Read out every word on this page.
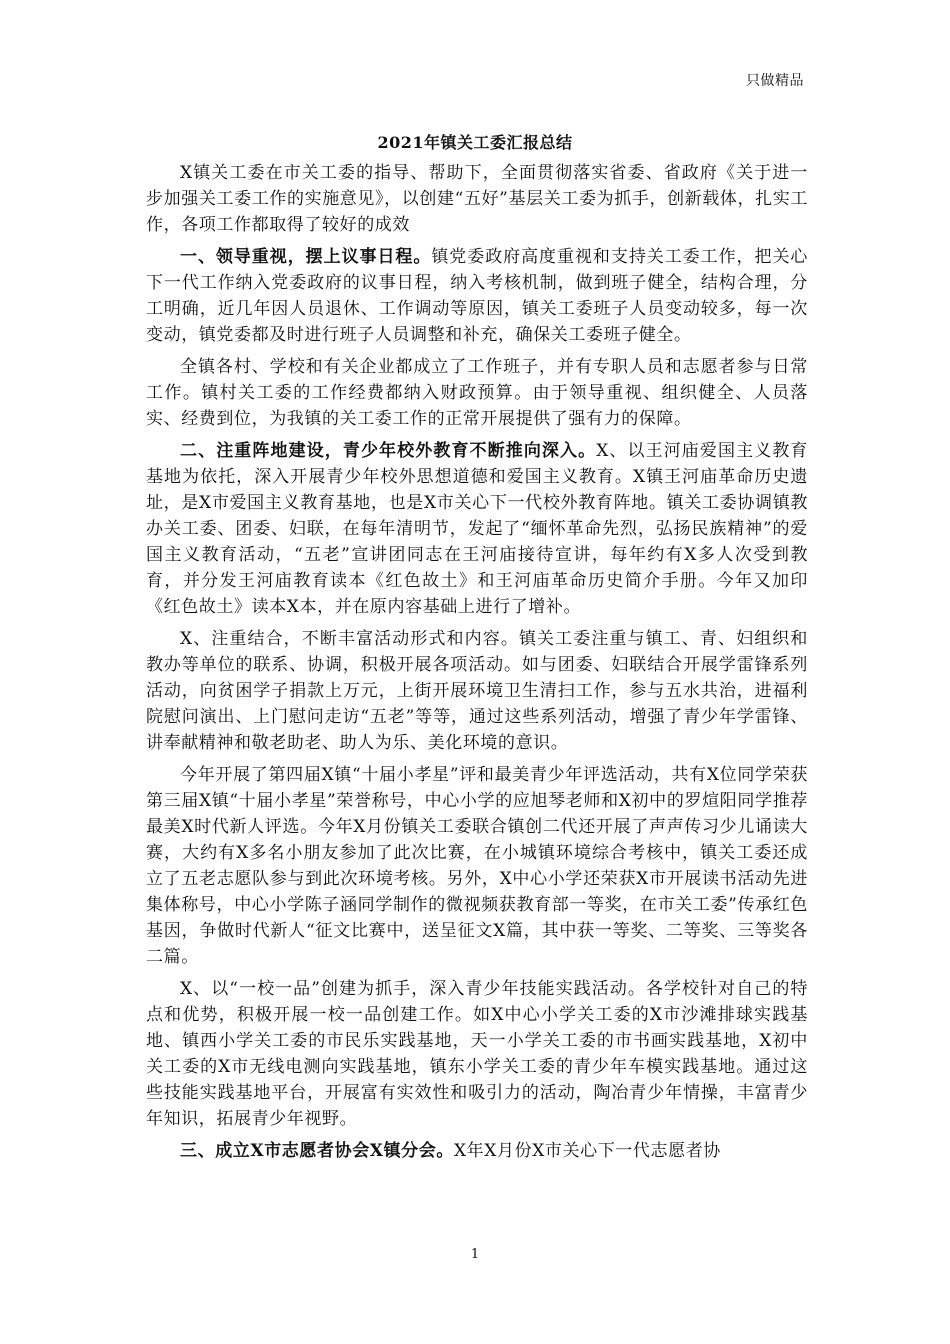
只做精品
2021年镇关工委汇报总结

X镇关工委在市关工委的指导、帮助下，全面贯彻落实省委、省政府《关于进一步加强关工委工作的实施意见》，以创建“五好”基层关工委为抓手，创新载体，扎实工作，各项工作都取得了较好的成效

一、领导重视，摆上议事日程。镇党委政府高度重视和支持关工委工作，把关心下一代工作纳入党委政府的议事日程，纳入考核机制，做到班子健全，结构合理，分工明确，近几年因人员退休、工作调动等原因，镇关工委班子人员变动较多，每一次变动，镇党委都及时进行班子人员调整和补充，确保关工委班子健全。

全镇各村、学校和有关企业都成立了工作班子，并有专职人员和志愿者参与日常工作。镇村关工委的工作经费都纳入财政预算。由于领导重视、组织健全、人员落实、经费到位，为我镇的关工委工作的正常开展提供了强有力的保障。

二、注重阵地建设，青少年校外教育不断推向深入。X、以王河庙爱国主义教育基地为依托，深入开展青少年校外思想道德和爱国主义教育。X镇王河庙革命历史遗址，是X市爱国主义教育基地，也是X市关心下一代校外教育阵地。镇关工委协调镇教办关工委、团委、妇联，在每年清明节，发起了“缅怀革命先烈，弘扬民族精神”的爱国主义教育活动，“五老”宣讲团同志在王河庙接待宣讲，每年约有X多人次受到教育，并分发王河庙教育读本《红色故土》和王河庙革命历史简介手册。今年又加印《红色故土》读本X本，并在原内容基础上进行了增补。

X、注重结合，不断丰富活动形式和内容。镇关工委注重与镇工、青、妇组织和教办等单位的联系、协调，积极开展各项活动。如与团委、妇联结合开展学雷锋系列活动，向贫困学子捐款上万元，上街开展环境卫生清扫工作，参与五水共治，进福利院慰问演出、上门慰问走访“五老”等等，通过这些系列活动，增强了青少年学雷锋、讲奉献精神和敬老助老、助人为乐、美化环境的意识。

今年开展了第四届X镇“十届小孝星”评和最美青少年评选活动，共有X位同学荣获第三届X镇“十届小孝星”荣誉称号，中心小学的应旭琴老师和X初中的罗煊阳同学推荐最美X时代新人评选。今年X月份镇关工委联合镇创二代还开展了声声传习少儿诵读大赛，大约有X多名小朋友参加了此次比赛，在小城镇环境综合考核中，镇关工委还成立了五老志愿队参与到此次环境考核。另外，X中心小学还荣获X市开展读书活动先进集体称号，中心小学陈子涵同学制作的微视频获教育部一等奖，在市关工委”传承红色基因，争做时代新人“征文比赛中，送呈征文X篇，其中获一等奖、二等奖、三等奖各二篇。

X、以“一校一品”创建为抓手，深入青少年技能实践活动。各学校针对自己的特点和优势，积极开展一校一品创建工作。如X中心小学关工委的X市沙滩排球实践基地、镇西小学关工委的市民乐实践基地，天一小学关工委的市书画实践基地，X初中关工委的X市无线电测向实践基地，镇东小学关工委的青少年车模实践基地。通过这些技能实践基地平台，开展富有实效性和吸引力的活动，陶冶青少年情操，丰富青少年知识，拓展青少年视野。

三、成立X市志愿者协会X镇分会。X年X月份X市关心下一代志愿者协

1
